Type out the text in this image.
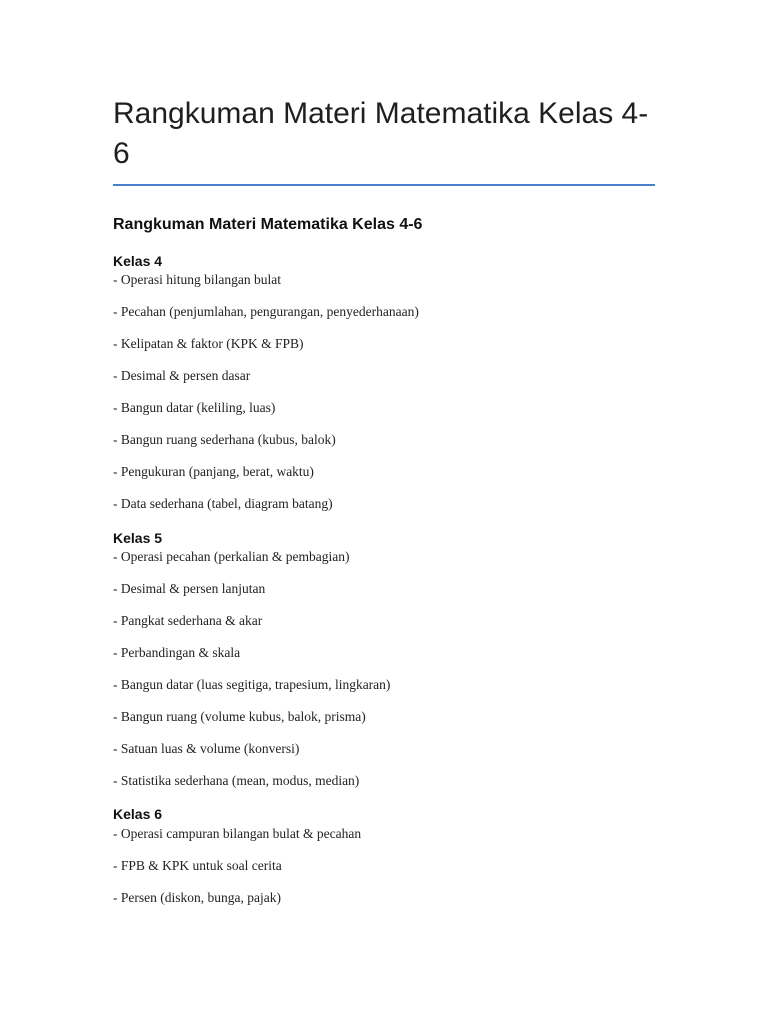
Rangkuman Materi Matematika Kelas 4-6
Rangkuman Materi Matematika Kelas 4-6
Kelas 4

- Operasi hitung bilangan bulat

- Pecahan (penjumlahan, pengurangan, penyederhanaan)

- Kelipatan & faktor (KPK & FPB)

- Desimal & persen dasar

- Bangun datar (keliling, luas)

- Bangun ruang sederhana (kubus, balok)

- Pengukuran (panjang, berat, waktu)

- Data sederhana (tabel, diagram batang)

Kelas 5

- Operasi pecahan (perkalian & pembagian)

- Desimal & persen lanjutan

- Pangkat sederhana & akar

- Perbandingan & skala

- Bangun datar (luas segitiga, trapesium, lingkaran)

- Bangun ruang (volume kubus, balok, prisma)

- Satuan luas & volume (konversi)

- Statistika sederhana (mean, modus, median)

Kelas 6

- Operasi campuran bilangan bulat & pecahan

- FPB & KPK untuk soal cerita

- Persen (diskon, bunga, pajak)
